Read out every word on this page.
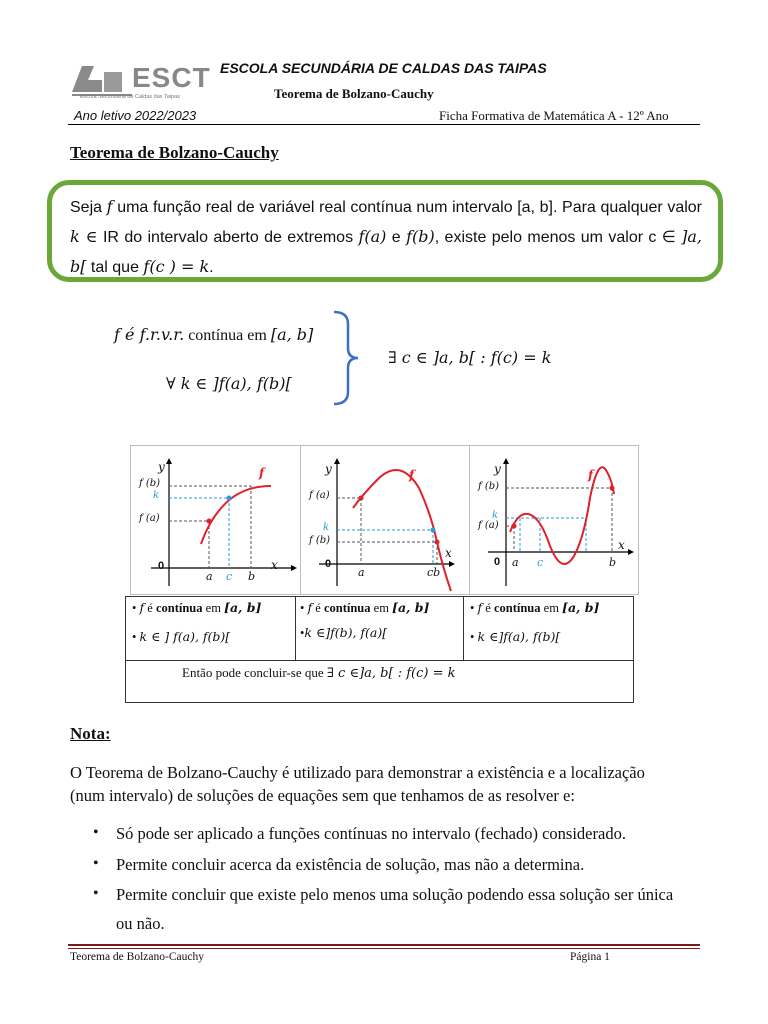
ESCT
Escola Secundária de Caldas das Taipas
ESCOLA SECUNDÁRIA DE CALDAS DAS TAIPAS
Teorema de Bolzano-Cauchy
Ano letivo 2022/2023	Ficha Formativa de Matemática A - 12º Ano
Teorema de Bolzano-Cauchy
Seja f uma função real de variável real contínua num intervalo [a, b]. Para qualquer valor k ∈ IR do intervalo aberto de extremos f(a) e f(b), existe pelo menos um valor c ∈ ]a, b[ tal que f(c ) = k.
f é f.r.v.r. contínua em [a, b]
∀ k ∈ ]f(a), f(b)[
∃ c ∈ ]a, b[ : f(c) = k
f
y
x
0
f (b)
k
f (a)
a c b
f
y
x
0
f (a)
k
f (b)
a	cb
f
y
x
0
f (b)
k
f (a)
a c	b
• f é contínua em [a, b]
• k ∈ ] f(a), f(b)[
• f é contínua em [a, b]
•k ∈]f(b), f(a)[
• f é contínua em [a, b]
• k ∈]f(a), f(b)[
Então pode concluir-se que ∃ c ∈]a, b[ : f(c) = k
Nota:
O Teorema de Bolzano-Cauchy é utilizado para demonstrar a existência e a localização
(num intervalo) de soluções de equações sem que tenhamos de as resolver e:
• Só pode ser aplicado a funções contínuas no intervalo (fechado) considerado.
• Permite concluir acerca da existência de solução, mas não a determina.
• Permite concluir que existe pelo menos uma solução podendo essa solução ser única
ou não.
Teorema de Bolzano-Cauchy	Página 1
